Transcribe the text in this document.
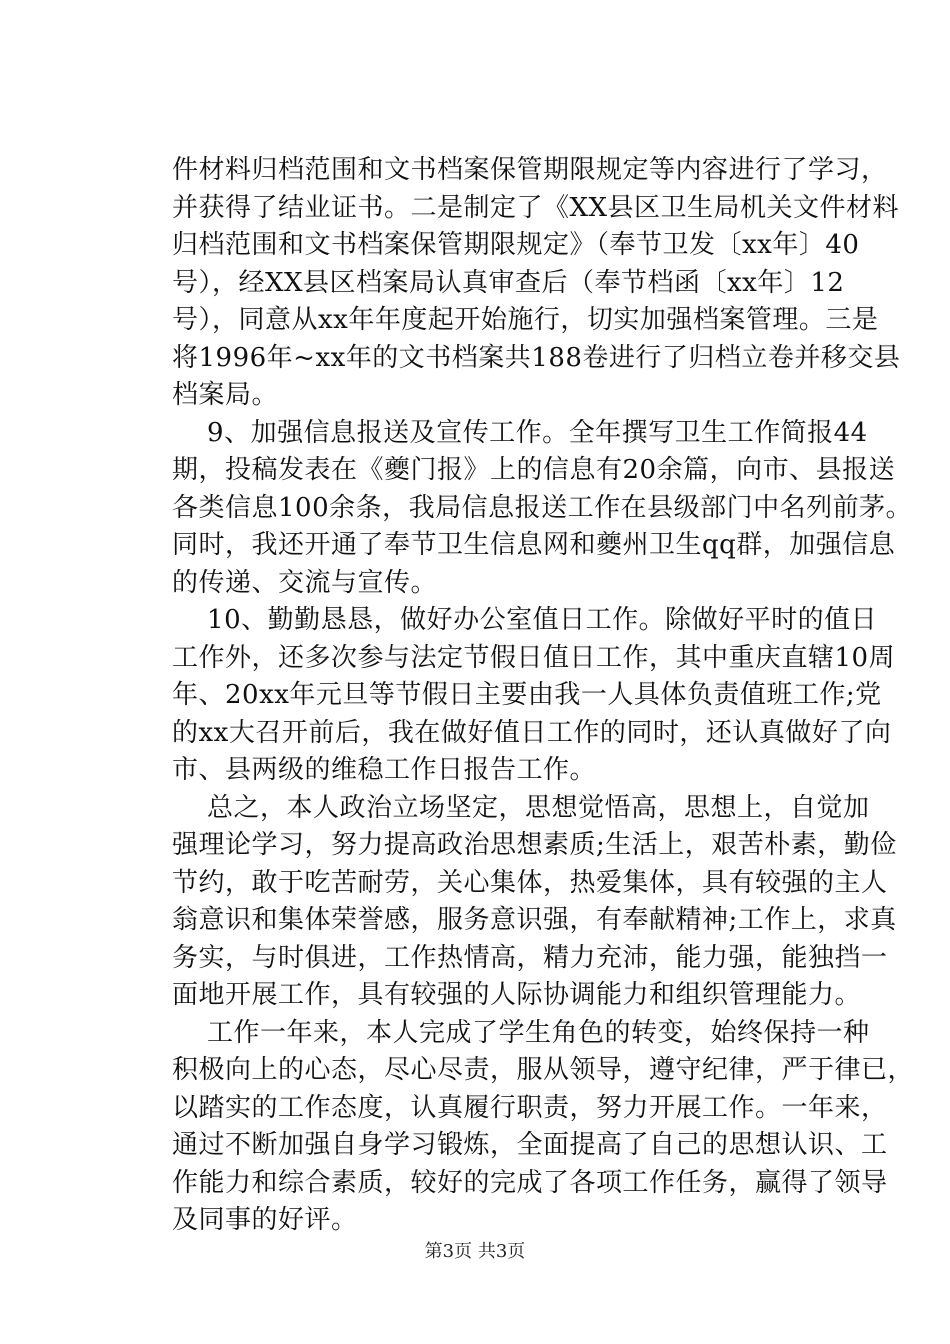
件材料归档范围和文书档案保管期限规定等内容进行了学习，
并获得了结业证书。二是制定了《XX县区卫生局机关文件材料
归档范围和文书档案保管期限规定》（奉节卫发〔xx年〕40
号），经XX县区档案局认真审查后（奉节档函〔xx年〕12
号），同意从xx年年度起开始施行，切实加强档案管理。三是
将1996年~xx年的文书档案共188卷进行了归档立卷并移交县
档案局。
9、加强信息报送及宣传工作。全年撰写卫生工作简报44
期，投稿发表在《夔门报》上的信息有20余篇，向市、县报送
各类信息100余条，我局信息报送工作在县级部门中名列前茅。
同时，我还开通了奉节卫生信息网和夔州卫生qq群，加强信息
的传递、交流与宣传。
10、勤勤恳恳，做好办公室值日工作。除做好平时的值日
工作外，还多次参与法定节假日值日工作，其中重庆直辖10周
年、20xx年元旦等节假日主要由我一人具体负责值班工作;党
的xx大召开前后，我在做好值日工作的同时，还认真做好了向
市、县两级的维稳工作日报告工作。
总之，本人政治立场坚定，思想觉悟高，思想上，自觉加
强理论学习，努力提高政治思想素质;生活上，艰苦朴素，勤俭
节约，敢于吃苦耐劳，关心集体，热爱集体，具有较强的主人
翁意识和集体荣誉感，服务意识强，有奉献精神;工作上，求真
务实，与时俱进，工作热情高，精力充沛，能力强，能独挡一
面地开展工作，具有较强的人际协调能力和组织管理能力。
工作一年来，本人完成了学生角色的转变，始终保持一种
积极向上的心态，尽心尽责，服从领导，遵守纪律，严于律已，
以踏实的工作态度，认真履行职责，努力开展工作。一年来，
通过不断加强自身学习锻炼，全面提高了自己的思想认识、工
作能力和综合素质，较好的完成了各项工作任务，赢得了领导
及同事的好评。
第3页 共3页
